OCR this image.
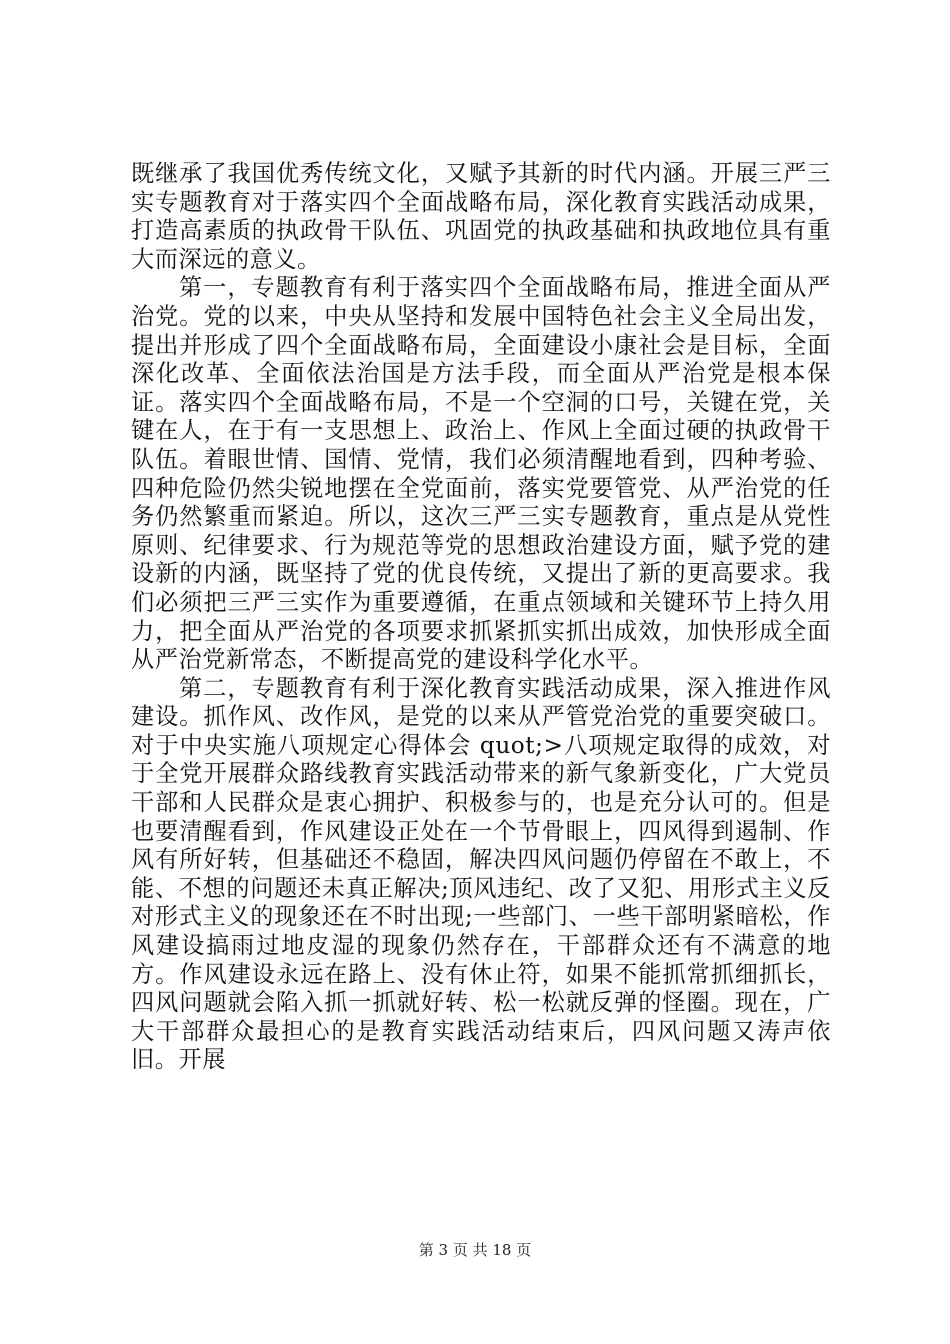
既继承了我国优秀传统文化，又赋予其新的时代内涵。开展三严三实专题教育对于落实四个全面战略布局，深化教育实践活动成果，打造高素质的执政骨干队伍、巩固党的执政基础和执政地位具有重大而深远的意义。

第一，专题教育有利于落实四个全面战略布局，推进全面从严治党。党的以来，中央从坚持和发展中国特色社会主义全局出发，提出并形成了四个全面战略布局，全面建设小康社会是目标，全面深化改革、全面依法治国是方法手段，而全面从严治党是根本保证。落实四个全面战略布局，不是一个空洞的口号，关键在党，关键在人，在于有一支思想上、政治上、作风上全面过硬的执政骨干队伍。着眼世情、国情、党情，我们必须清醒地看到，四种考验、四种危险仍然尖锐地摆在全党面前，落实党要管党、从严治党的任务仍然繁重而紧迫。所以，这次三严三实专题教育，重点是从党性原则、纪律要求、行为规范等党的思想政治建设方面，赋予党的建设新的内涵，既坚持了党的优良传统，又提出了新的更高要求。我们必须把三严三实作为重要遵循，在重点领域和关键环节上持久用力，把全面从严治党的各项要求抓紧抓实抓出成效，加快形成全面从严治党新常态，不断提高党的建设科学化水平。

第二，专题教育有利于深化教育实践活动成果，深入推进作风建设。抓作风、改作风，是党的以来从严管党治党的重要突破口。对于中央实施八项规定心得体会 quot;>八项规定取得的成效，对于全党开展群众路线教育实践活动带来的新气象新变化，广大党员干部和人民群众是衷心拥护、积极参与的，也是充分认可的。但是也要清醒看到，作风建设正处在一个节骨眼上，四风得到遏制、作风有所好转，但基础还不稳固，解决四风问题仍停留在不敢上，不能、不想的问题还未真正解决;顶风违纪、改了又犯、用形式主义反对形式主义的现象还在不时出现;一些部门、一些干部明紧暗松，作风建设搞雨过地皮湿的现象仍然存在，干部群众还有不满意的地方。作风建设永远在路上、没有休止符，如果不能抓常抓细抓长，四风问题就会陷入抓一抓就好转、松一松就反弹的怪圈。现在，广大干部群众最担心的是教育实践活动结束后，四风问题又涛声依旧。开展

第 3 页 共 18 页
